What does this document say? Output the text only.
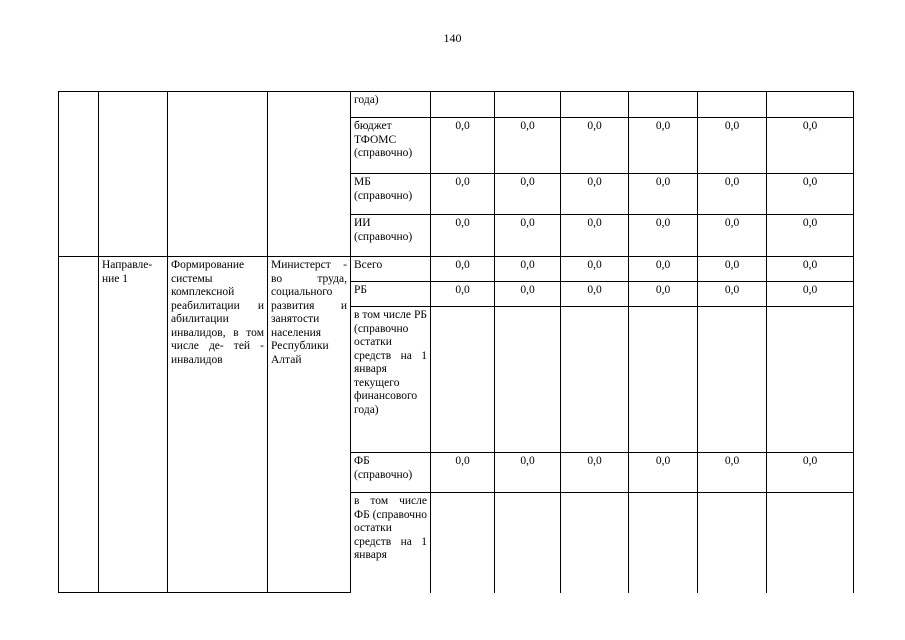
140
				года)						
				бюджет ТФОМС (справочно)	0,0	0,0	0,0	0,0	0,0	0,0
				МБ (справочно)	0,0	0,0	0,0	0,0	0,0	0,0
				ИИ (справочно)	0,0	0,0	0,0	0,0	0,0	0,0
	Направле- ние 1	Формирование системы комплексной реабилитации и абилитации инвалидов, в том числе де- тей - инвалидов	Министерст - во труда, социального развития и занятости населения Республики Алтай	Всего	0,0	0,0	0,0	0,0	0,0	0,0
				РБ	0,0	0,0	0,0	0,0	0,0	0,0
				в том числе РБ (справочно остатки средств на 1 января текущего финансового года)						
				ФБ (справочно)	0,0	0,0	0,0	0,0	0,0	0,0
				в том числе ФБ (справочно остатки средств на 1 января						
